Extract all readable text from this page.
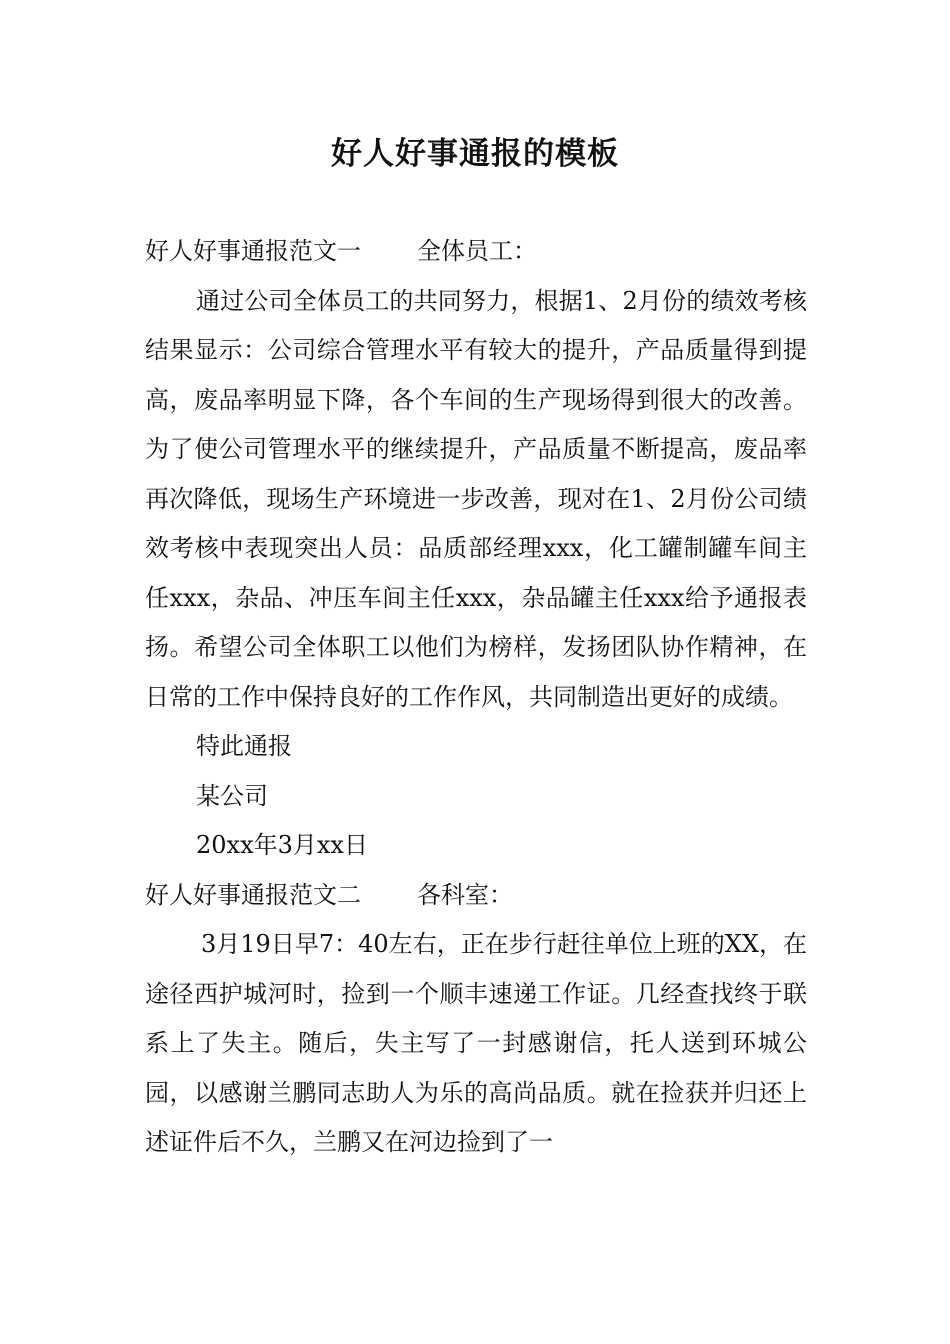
好人好事通报的模板

好人好事通报范文一 全体员工：

通过公司全体员工的共同努力，根据1、2月份的绩效考核结果显示：公司综合管理水平有较大的提升，产品质量得到提高，废品率明显下降，各个车间的生产现场得到很大的改善。 为了使公司管理水平的继续提升，产品质量不断提高，废品率再次降低，现场生产环境进一步改善，现对在1、2月份公司绩效考核中表现突出人员：品质部经理xxx，化工罐制罐车间主任xxx，杂品、冲压车间主任xxx，杂品罐主任xxx给予通报表扬。希望公司全体职工以他们为榜样，发扬团队协作精神，在日常的工作中保持良好的工作作风，共同制造出更好的成绩。

特此通报

某公司

20xx年3月xx日

好人好事通报范文二 各科室：

3月19日早7：40左右，正在步行赶往单位上班的XX，在途径西护城河时，捡到一个顺丰速递工作证。几经查找终于联系上了失主。随后，失主写了一封感谢信，托人送到环城公园，以感谢兰鹏同志助人为乐的高尚品质。就在捡获并归还上述证件后不久，兰鹏又在河边捡到了一
